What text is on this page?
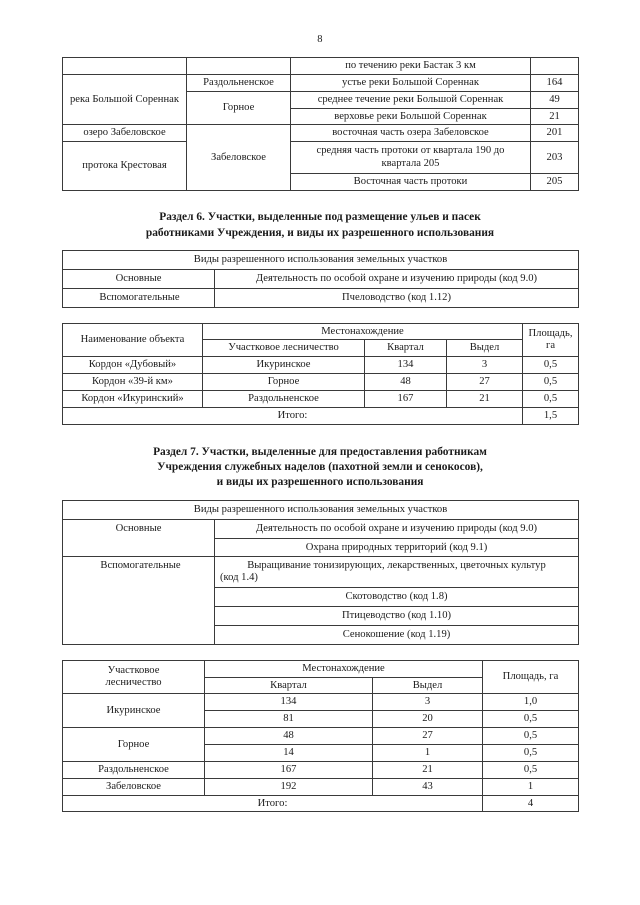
8
		по течению реки Бастак 3 км	
река Большой Сореннак	Раздольненское	устье реки Большой Сореннак	164
	Горное	среднее течение реки Большой Сореннак	49
		верховье реки Большой Сореннак	21
озеро Забеловское	Забеловское	восточная часть озера Забеловское	201
протока Крестовая		средняя часть протоки от квартала 190 до квартала 205	203
		Восточная часть протоки	205
Раздел 6. Участки, выделенные под размещение ульев и пасек
работниками Учреждения, и виды их разрешенного использования
Виды разрешенного использования земельных участков	
Основные	Деятельность по особой охране и изучению природы (код 9.0)
Вспомогательные	Пчеловодство (код 1.12)
Наименование объекта	Местонахождение			Площадь, га
	Участковое лесничество	Квартал	Выдел	
Кордон «Дубовый»	Икуринское	134	3	0,5
Кордон «39-й км»	Горное	48	27	0,5
Кордон «Икуринский»	Раздольненское	167	21	0,5
Итого:				1,5
Раздел 7. Участки, выделенные для предоставления работникам
Учреждения служебных наделов (пахотной земли и сенокосов),
и виды их разрешенного использования
Виды разрешенного использования земельных участков	
Основные	Деятельность по особой охране и изучению природы (код 9.0)
	Охрана природных территорий (код 9.1)
Вспомогательные	Выращивание тонизирующих, лекарственных, цветочных культур
(код 1.4)

	Скотоводство (код 1.8)
	Птицеводство (код 1.10)
	Сенокошение (код 1.19)
Участковое
лесничество	Местонахождение		Площадь, га
	Квартал	Выдел	
Икуринское	134	3	1,0
	81	20	0,5
Горное	48	27	0,5
	14	1	0,5
Раздольненское	167	21	0,5
Забеловское	192	43	1
Итого:			4
